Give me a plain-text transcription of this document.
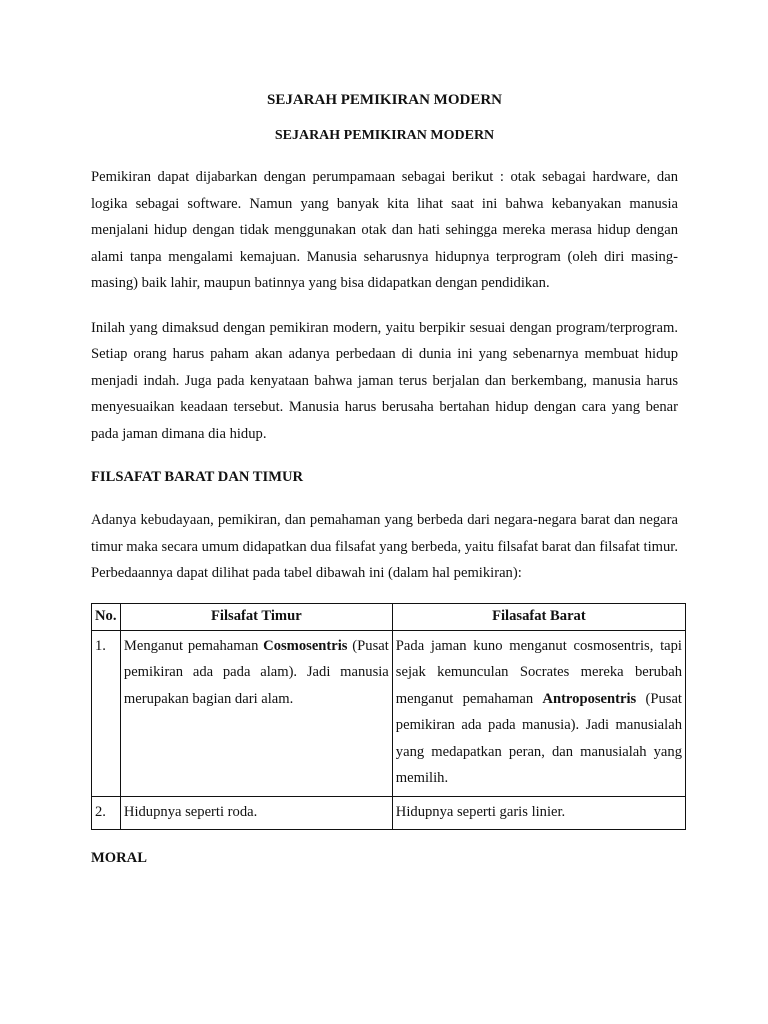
SEJARAH PEMIKIRAN MODERN
SEJARAH PEMIKIRAN MODERN

Pemikiran dapat dijabarkan dengan perumpamaan sebagai berikut : otak sebagai hardware, dan logika sebagai software. Namun yang banyak kita lihat saat ini bahwa kebanyakan manusia menjalani hidup dengan tidak menggunakan otak dan hati sehingga mereka merasa hidup dengan alami tanpa mengalami kemajuan. Manusia seharusnya hidupnya terprogram (oleh diri masing-masing) baik lahir, maupun batinnya yang bisa didapatkan dengan pendidikan.

Inilah yang dimaksud dengan pemikiran modern, yaitu berpikir sesuai dengan program/terprogram. Setiap orang harus paham akan adanya perbedaan di dunia ini yang sebenarnya membuat hidup menjadi indah. Juga pada kenyataan bahwa jaman terus berjalan dan berkembang, manusia harus menyesuaikan keadaan tersebut. Manusia harus berusaha bertahan hidup dengan cara yang benar pada jaman dimana dia hidup.

FILSAFAT BARAT DAN TIMUR

Adanya kebudayaan, pemikiran, dan pemahaman yang berbeda dari negara-negara barat dan negara timur maka secara umum didapatkan dua filsafat yang berbeda, yaitu filsafat barat dan filsafat timur. Perbedaannya dapat dilihat pada tabel dibawah ini (dalam hal pemikiran):

No.	Filsafat Timur	Filasafat Barat
1.	Menganut pemahaman Cosmosentris (Pusat pemikiran ada pada alam). Jadi manusia merupakan bagian dari alam.	Pada jaman kuno menganut cosmosentris, tapi sejak kemunculan Socrates mereka berubah menganut pemahaman Antroposentris (Pusat pemikiran ada pada manusia). Jadi manusialah yang medapatkan peran, dan manusialah yang memilih.
2.	Hidupnya seperti roda.	Hidupnya seperti garis linier.
MORAL
